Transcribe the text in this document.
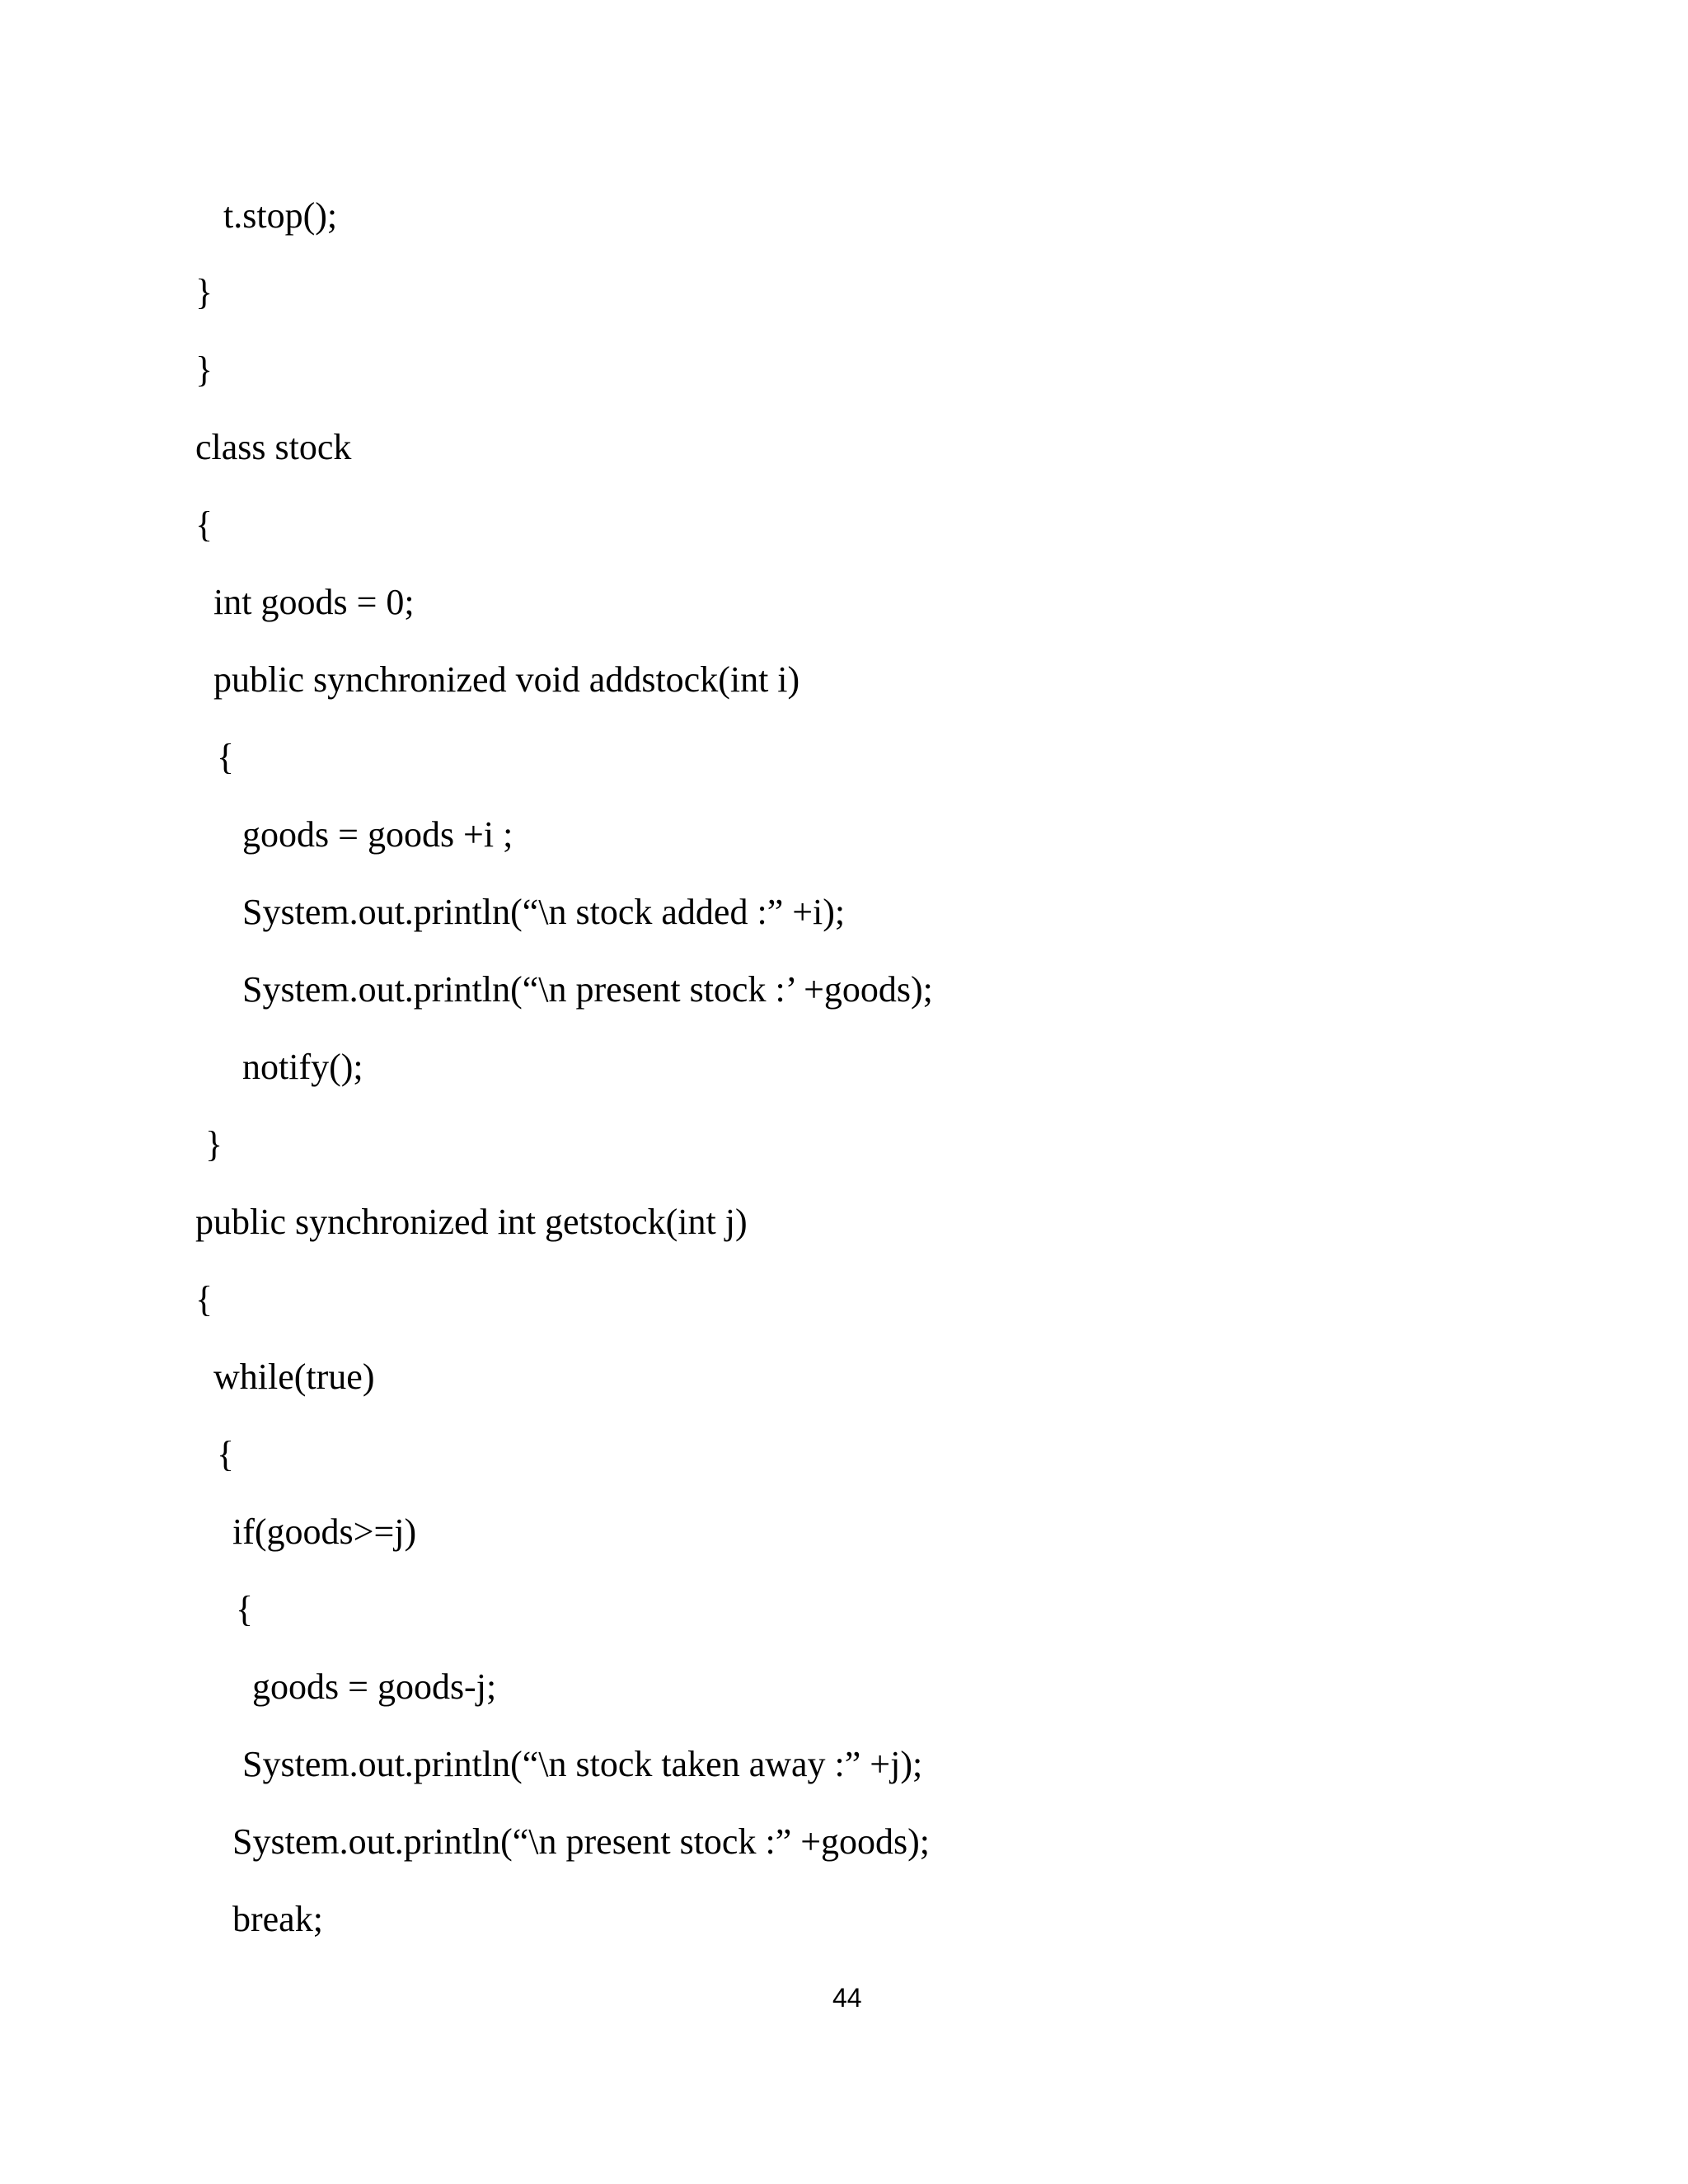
t.stop();
}
}
class stock
{
int goods = 0;
public synchronized void addstock(int i)
{
goods = goods +i ;
System.out.println(“\n stock added :” +i);
System.out.println(“\n present stock :’ +goods);
notify();
}
public synchronized int getstock(int j)
{
while(true)
{
if(goods>=j)
{
goods = goods-j;
System.out.println(“\n stock taken away :” +j);
System.out.println(“\n present stock :” +goods);
break;
44
